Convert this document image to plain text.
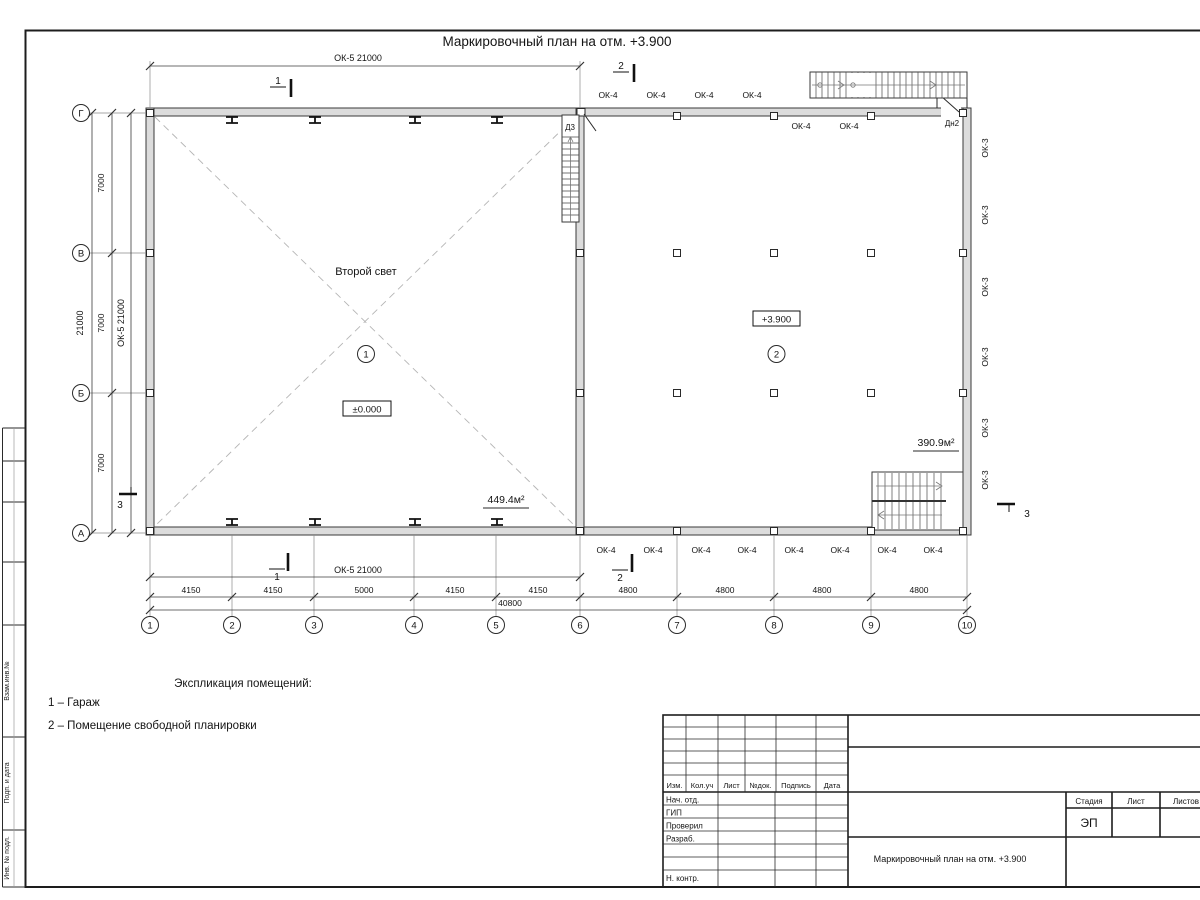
Взам.инв.№
Подп. и дата
Инв. № подл.
Маркировочный план на отм. +3.900
Второй свет
1
±0.000
449.4м²
+3.900
2
390.9м²
Д3	Дн2
ОК-4	ОК-4	ОК-4	ОК-4
ОК-4	ОК-4
ОК-4	ОК-4	ОК-4	ОК-4	ОК-4	ОК-4	ОК-4	ОК-4
ОК-3
ОК-3
ОК-3
ОК-3
ОК-3
ОК-3
ОК-5 21000
ОК-5 21000
21000	ОК-5 21000
7000
7000
7000
4150	4150	5000	4150	4150	4800	4800	4800	4800
40800
Г
В
Б
А
1	2	3	4	5	6	7	8	9	10
1
2
1	2
3
3
Экспликация помещений:
1 – Гараж
2 – Помещение свободной планировки
Изм. Кол.уч Лист №док. Подпись Дата
Нач. отд.
ГИП
Проверил
Разраб.
Н. контр.
Стадия	Лист	Листов
ЭП
Маркировочный план на отм. +3.900
